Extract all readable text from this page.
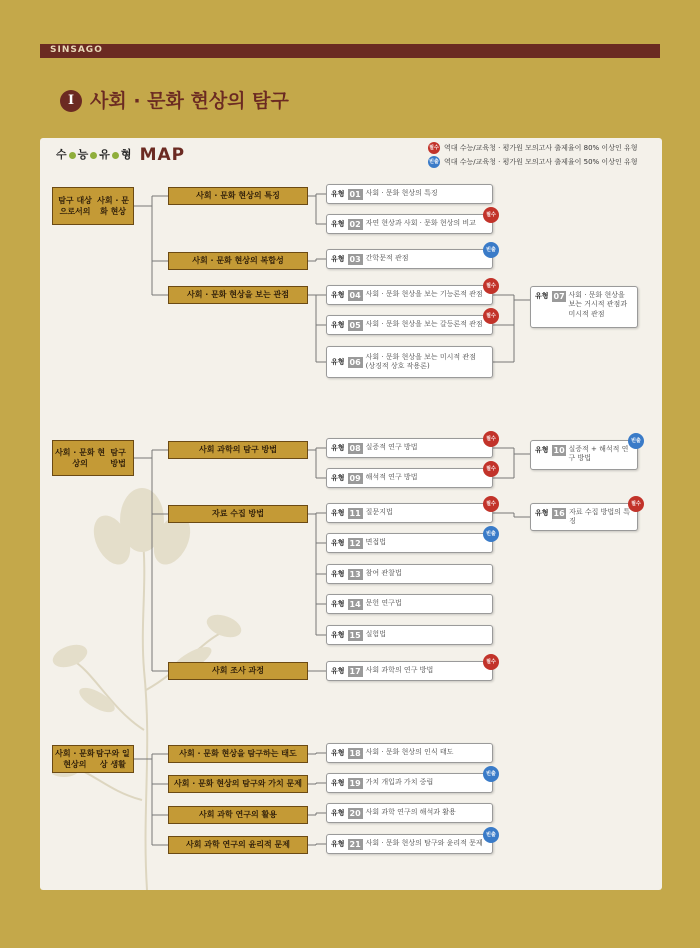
SINSAGO
I 사회 · 문화 현상의 탐구
수 능 유 형 MAP	필수 역대 수능/교육청 · 평가원 모의고사 출제율이 80% 이상인 유형
빈출 역대 수능/교육청 · 평가원 모의고사 출제율이 50% 이상인 유형
탐구 대상으로서의

사회 · 문화 현상
사회 · 문화 현상의

탐구 방법
사회 · 문화 현상의

탐구와 일상 생활
사회 · 문화 현상의 특징
사회 · 문화 현상의 복합성
사회 · 문화 현상을 보는 관점
사회 과학의 탐구 방법
자료 수집 방법
사회 조사 과정
사회 · 문화 현상을 탐구하는 태도
사회 · 문화 현상의 탐구와 가치 문제
사회 과학 연구의 활용
사회 과학 연구의 윤리적 문제
유형 01 사회 · 문화 현상의 특징
유형 02 자연 현상과 사회 · 문화 현상의 비교
필수
유형 03 간학문적 관점
빈출
유형 04 사회 · 문화 현상을 보는 기능론적 관점
필수
유형 05 사회 · 문화 현상을 보는 갈등론적 관점
필수
유형 06
사회 · 문화 현상을 보는 미시적 관점
(상징적 상호 작용론)
유형 07 사회 · 문화 현상을 보는 거시적 관점과 미시적 관점
유형 08 실증적 연구 방법
필수
유형 09 해석적 연구 방법
필수
유형 10 실증적 + 해석적 연구 방법
빈출
유형 11 질문지법
필수
유형 12 면접법
빈출
유형 13 참여 관찰법
유형 14 문헌 연구법
유형 15 실험법
유형 16 자료 수집 방법의 특징
필수
유형 17 사회 과학의 연구 방법
필수
유형 18 사회 · 문화 현상의 인식 태도
유형 19 가치 개입과 가치 중립
빈출
유형 20 사회 과학 연구의 해석과 활용
유형 21 사회 · 문화 현상의 탐구와 윤리적 문제
빈출
